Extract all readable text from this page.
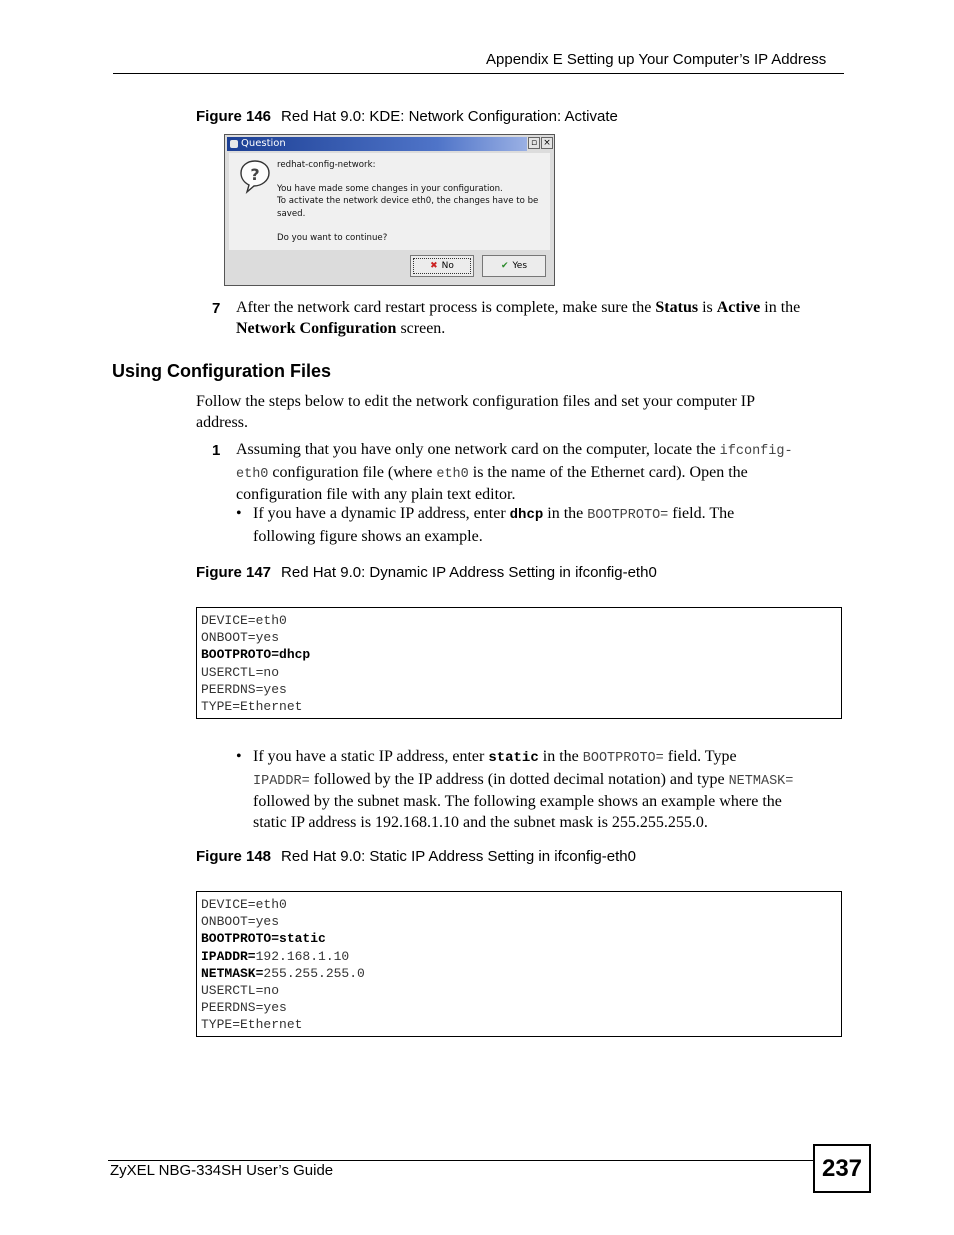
Appendix E Setting up Your Computer’s IP Address
Figure 146 Red Hat 9.0: KDE: Network Configuration: Activate
Question	▫ ×
? redhat-config-network:
You have made some changes in your configuration.
To activate the network device eth0, the changes have to be
saved.
Do you want to continue?
✖ No	✔ Yes
7 After the network card restart process is complete, make sure the Status is Active in the
Network Configuration screen.
Using Configuration Files
Follow the steps below to edit the network configuration files and set your computer IP
address.
1 Assuming that you have only one network card on the computer, locate the ifconfig-
eth0 configuration file (where eth0 is the name of the Ethernet card). Open the
configuration file with any plain text editor.
• If you have a dynamic IP address, enter dhcp in the BOOTPROTO= field. The
following figure shows an example.
Figure 147 Red Hat 9.0: Dynamic IP Address Setting in ifconfig-eth0
DEVICE=eth0
ONBOOT=yes
BOOTPROTO=dhcp
USERCTL=no
PEERDNS=yes
TYPE=Ethernet
• If you have a static IP address, enter static in the BOOTPROTO= field. Type
IPADDR= followed by the IP address (in dotted decimal notation) and type NETMASK=
followed by the subnet mask. The following example shows an example where the
static IP address is 192.168.1.10 and the subnet mask is 255.255.255.0.
Figure 148 Red Hat 9.0: Static IP Address Setting in ifconfig-eth0
DEVICE=eth0
ONBOOT=yes
BOOTPROTO=static
IPADDR=192.168.1.10
NETMASK=255.255.255.0
USERCTL=no
PEERDNS=yes
TYPE=Ethernet
ZyXEL NBG-334SH User’s Guide	237
